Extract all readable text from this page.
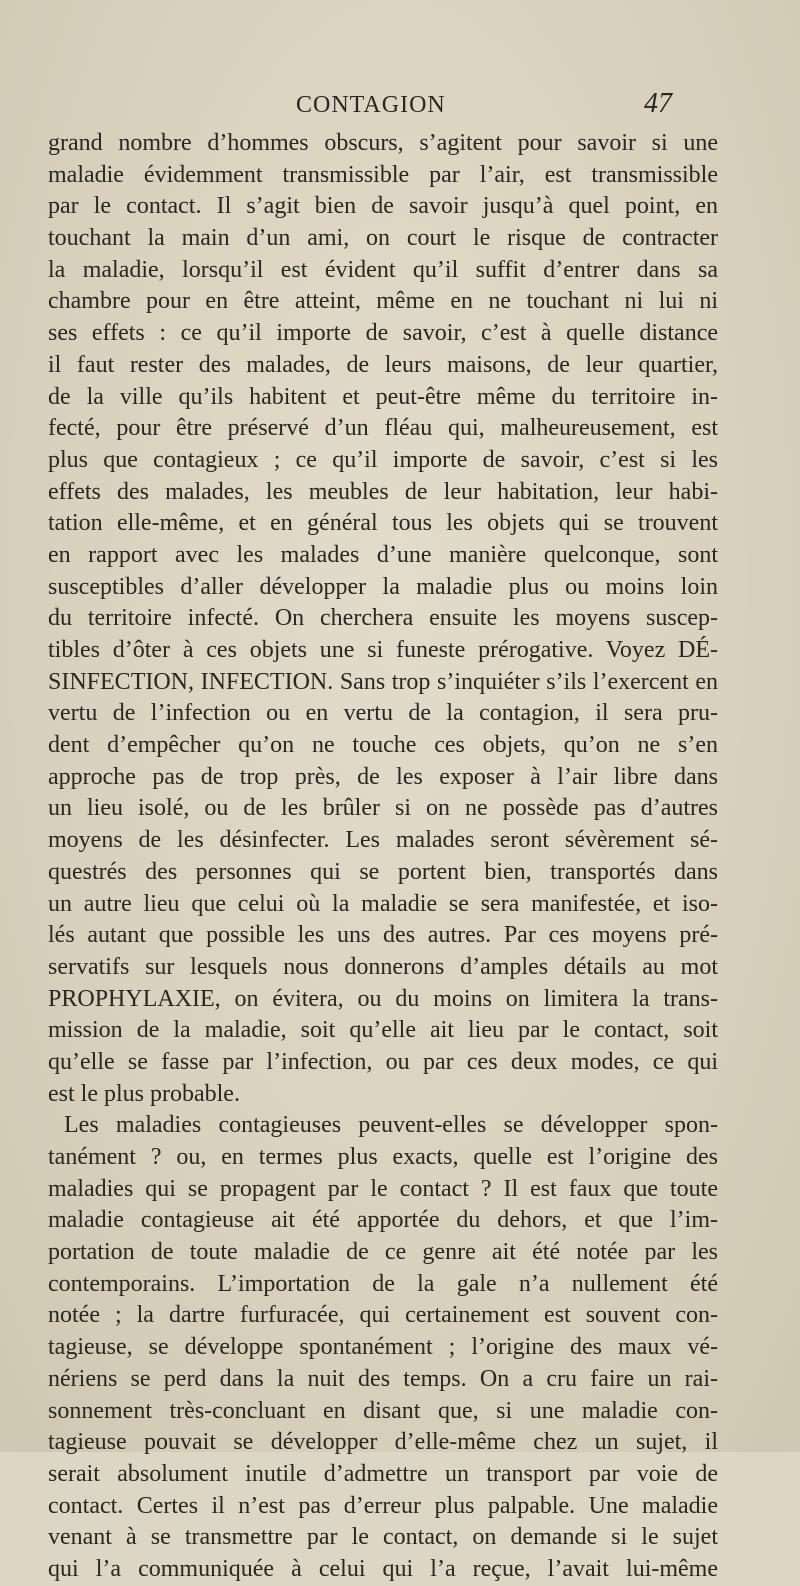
CONTAGION	47
grand nombre d’hommes obscurs, s’agitent pour savoir si une
maladie évidemment transmissible par l’air, est transmissible
par le contact. Il s’agit bien de savoir jusqu’à quel point, en
touchant la main d’un ami, on court le risque de contracter
la maladie, lorsqu’il est évident qu’il suffit d’entrer dans sa
chambre pour en être atteint, même en ne touchant ni lui ni
ses effets : ce qu’il importe de savoir, c’est à quelle distance
il faut rester des malades, de leurs maisons, de leur quartier,
de la ville qu’ils habitent et peut-être même du territoire in-
fecté, pour être préservé d’un fléau qui, malheureusement, est
plus que contagieux ; ce qu’il importe de savoir, c’est si les
effets des malades, les meubles de leur habitation, leur habi-
tation elle-même, et en général tous les objets qui se trouvent
en rapport avec les malades d’une manière quelconque, sont
susceptibles d’aller développer la maladie plus ou moins loin
du territoire infecté. On cherchera ensuite les moyens suscep-
tibles d’ôter à ces objets une si funeste prérogative. Voyez DÉ-
SINFECTION, INFECTION. Sans trop s’inquiéter s’ils l’exercent en
vertu de l’infection ou en vertu de la contagion, il sera pru-
dent d’empêcher qu’on ne touche ces objets, qu’on ne s’en
approche pas de trop près, de les exposer à l’air libre dans
un lieu isolé, ou de les brûler si on ne possède pas d’autres
moyens de les désinfecter. Les malades seront sévèrement sé-
questrés des personnes qui se portent bien, transportés dans
un autre lieu que celui où la maladie se sera manifestée, et iso-
lés autant que possible les uns des autres. Par ces moyens pré-
servatifs sur lesquels nous donnerons d’amples détails au mot
PROPHYLAXIE, on évitera, ou du moins on limitera la trans-
mission de la maladie, soit qu’elle ait lieu par le contact, soit
qu’elle se fasse par l’infection, ou par ces deux modes, ce qui
est le plus probable.
Les maladies contagieuses peuvent-elles se développer spon-
tanément ? ou, en termes plus exacts, quelle est l’origine des
maladies qui se propagent par le contact ? Il est faux que toute
maladie contagieuse ait été apportée du dehors, et que l’im-
portation de toute maladie de ce genre ait été notée par les
contemporains. L’importation de la gale n’a nullement été
notée ; la dartre furfuracée, qui certainement est souvent con-
tagieuse, se développe spontanément ; l’origine des maux vé-
nériens se perd dans la nuit des temps. On a cru faire un rai-
sonnement très-concluant en disant que, si une maladie con-
tagieuse pouvait se développer d’elle-même chez un sujet, il
serait absolument inutile d’admettre un transport par voie de
contact. Certes il n’est pas d’erreur plus palpable. Une maladie
venant à se transmettre par le contact, on demande si le sujet
qui l’a communiquée à celui qui l’a reçue, l’avait lui-même
